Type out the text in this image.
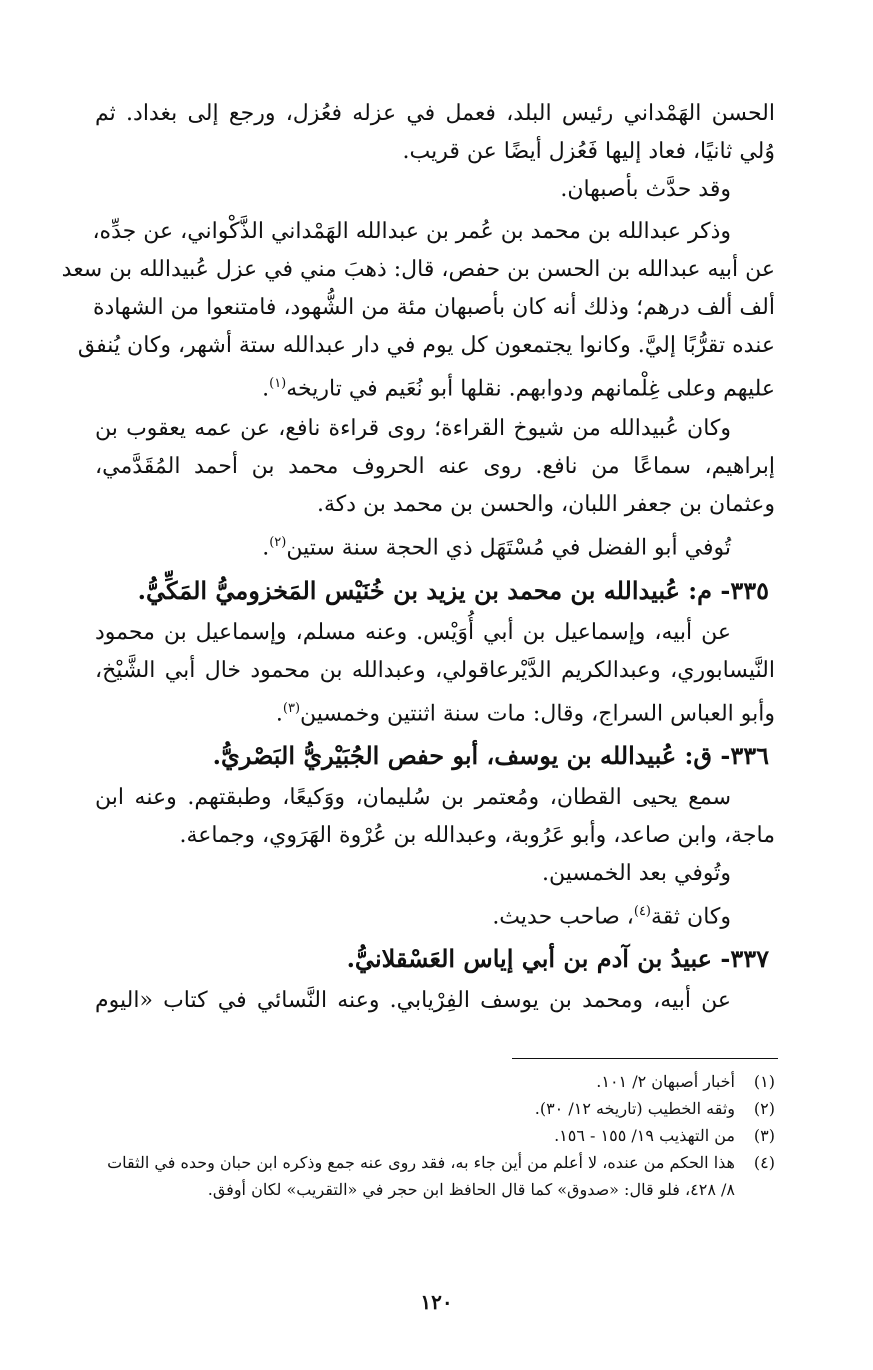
الحسن الهَمْداني رئيس البلد، فعمل في عزله فعُزل، ورجع إلى بغداد. ثم
وُلي ثانيًا، فعاد إليها فَعُزل أيضًا عن قريب.
وقد حدَّث بأصبهان.
وذكر عبدالله بن محمد بن عُمر بن عبدالله الهَمْداني الذَّكْواني، عن جدِّه،
عن أبيه عبدالله بن الحسن بن حفص، قال: ذهبَ مني في عزل عُبيدالله بن سعد
ألف ألف درهم؛ وذلك أنه كان بأصبهان مئة من الشُّهود، فامتنعوا من الشهادة
عنده تقرُّبًا إليَّ. وكانوا يجتمعون كل يوم في دار عبدالله ستة أشهر، وكان يُنفق
عليهم وعلى غِلْمانهم ودوابهم. نقلها أبو نُعَيم في تاريخه$^{(١)}$.
وكان عُبيدالله من شيوخ القراءة؛ روى قراءة نافع، عن عمه يعقوب بن
إبراهيم، سماعًا من نافع. روى عنه الحروف محمد بن أحمد المُقَدَّمي،
وعثمان بن جعفر اللبان، والحسن بن محمد بن دكة.
تُوفي أبو الفضل في مُسْتَهَل ذي الحجة سنة ستين$^{(٢)}$.
٣٣٥- م: عُبيدالله بن محمد بن يزيد بن خُنَيْس المَخزوميُّ المَكِّيُّ.
عن أبيه، وإسماعيل بن أبي أُوَيْس. وعنه مسلم، وإسماعيل بن محمود
النَّيسابوري، وعبدالكريم الدَّيْرعاقولي، وعبدالله بن محمود خال أبي الشَّيْخ،
وأبو العباس السراج، وقال: مات سنة اثنتين وخمسين$^{(٣)}$.
٣٣٦- ق: عُبيدالله بن يوسف، أبو حفص الجُبَيْريُّ البَصْريُّ.
سمع يحيى القطان، ومُعتمر بن سُليمان، ووَكيعًا، وطبقتهم. وعنه ابن
ماجة، وابن صاعد، وأبو عَرُوبة، وعبدالله بن عُرْوة الهَرَوي، وجماعة.
وتُوفي بعد الخمسين.
وكان ثقة$^{(٤)}$، صاحب حديث.
٣٣٧- عبيدُ بن آدم بن أبي إياس العَسْقلانيُّ.
عن أبيه، ومحمد بن يوسف الفِرْيابي. وعنه النَّسائي في كتاب «اليوم
(١)
أخبار أصبهان ٢/ ١٠١.
(٢)
وثقه الخطيب (تاريخه ١٢/ ٣٠).
(٣)
من التهذيب ١٩/ ١٥٥ - ١٥٦.
(٤)
هذا الحكم من عنده، لا أعلم من أين جاء به، فقد روى عنه جمع وذكره ابن حبان وحده في الثقات ٨/ ٤٢٨، فلو قال: «صدوق» كما قال الحافظ ابن حجر في «التقريب» لكان أوفق.
١٢٠
